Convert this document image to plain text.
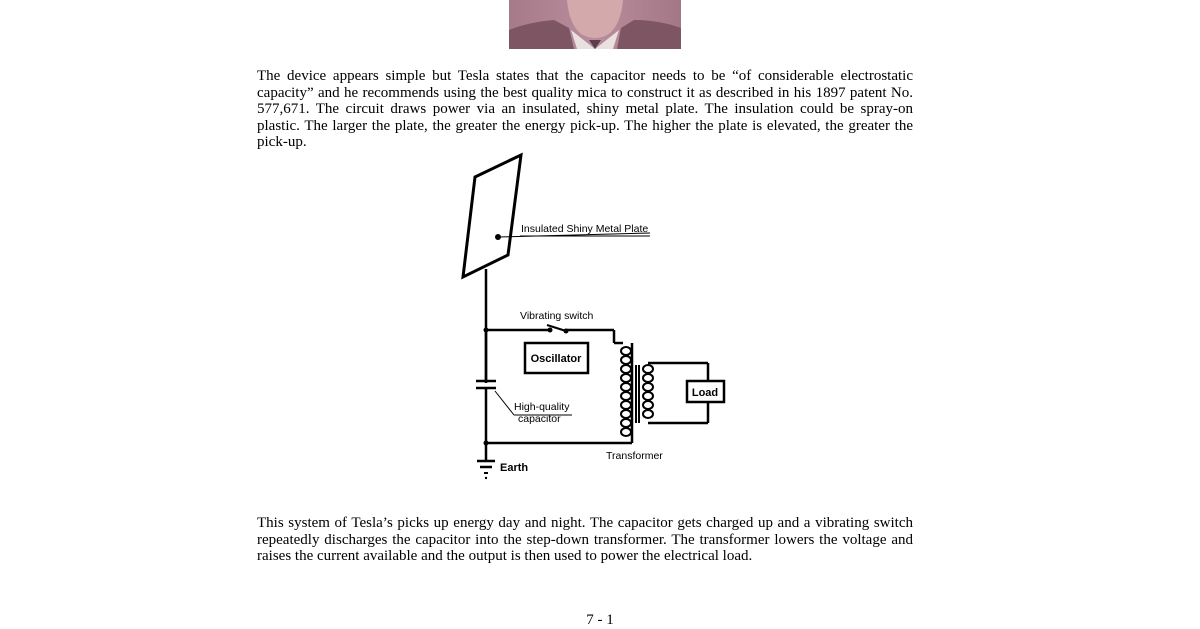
The device appears simple but Tesla states that the capacitor needs to be “of considerable electrostatic capacity” and he recommends using the best quality mica to construct it as described in his 1897 patent No. 577,671. The circuit draws power via an insulated, shiny metal plate. The insulation could be spray-on plastic. The larger the plate, the greater the energy pick-up. The higher the plate is elevated, the greater the pick-up.

Insulated Shiny Metal Plate
Vibrating switch
Oscillator
High-quality
capacitor
Transformer
Load
Earth

This system of Tesla’s picks up energy day and night. The capacitor gets charged up and a vibrating switch repeatedly discharges the capacitor into the step-down transformer. The transformer lowers the voltage and raises the current available and the output is then used to power the electrical load.

7 - 1
